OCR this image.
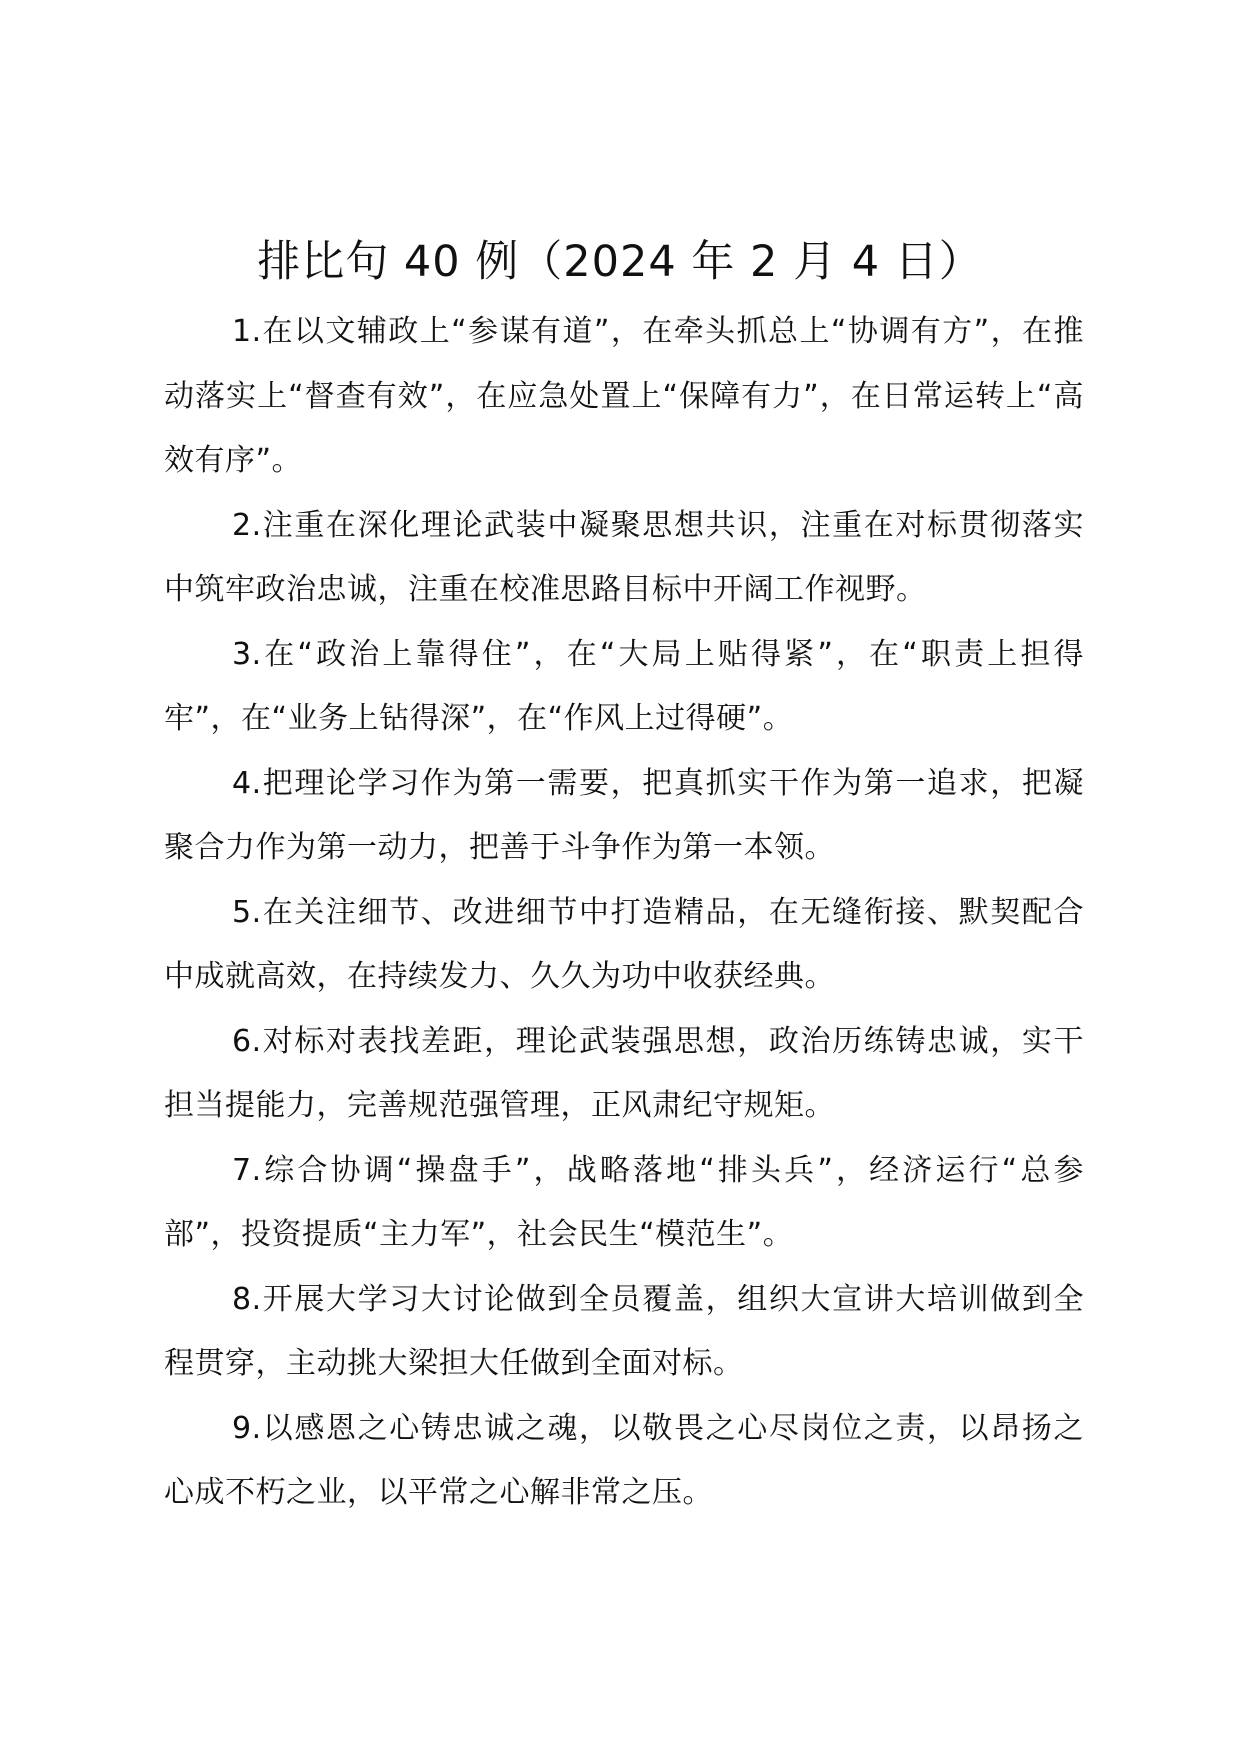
排比句 40 例（2024 年 2 月 4 日）

1.在以文辅政上“参谋有道”，在牵头抓总上“协调有方”，在推动落实上“督查有效”，在应急处置上“保障有力”，在日常运转上“高效有序”。

2.注重在深化理论武装中凝聚思想共识，注重在对标贯彻落实中筑牢政治忠诚，注重在校准思路目标中开阔工作视野。

3.在“政治上靠得住”，在“大局上贴得紧”，在“职责上担得牢”，在“业务上钻得深”，在“作风上过得硬”。

4.把理论学习作为第一需要，把真抓实干作为第一追求，把凝聚合力作为第一动力，把善于斗争作为第一本领。

5.在关注细节、改进细节中打造精品，在无缝衔接、默契配合中成就高效，在持续发力、久久为功中收获经典。

6.对标对表找差距，理论武装强思想，政治历练铸忠诚，实干担当提能力，完善规范强管理，正风肃纪守规矩。

7.综合协调“操盘手”，战略落地“排头兵”，经济运行“总参部”，投资提质“主力军”，社会民生“模范生”。

8.开展大学习大讨论做到全员覆盖，组织大宣讲大培训做到全程贯穿，主动挑大梁担大任做到全面对标。

9.以感恩之心铸忠诚之魂，以敬畏之心尽岗位之责，以昂扬之心成不朽之业，以平常之心解非常之压。
